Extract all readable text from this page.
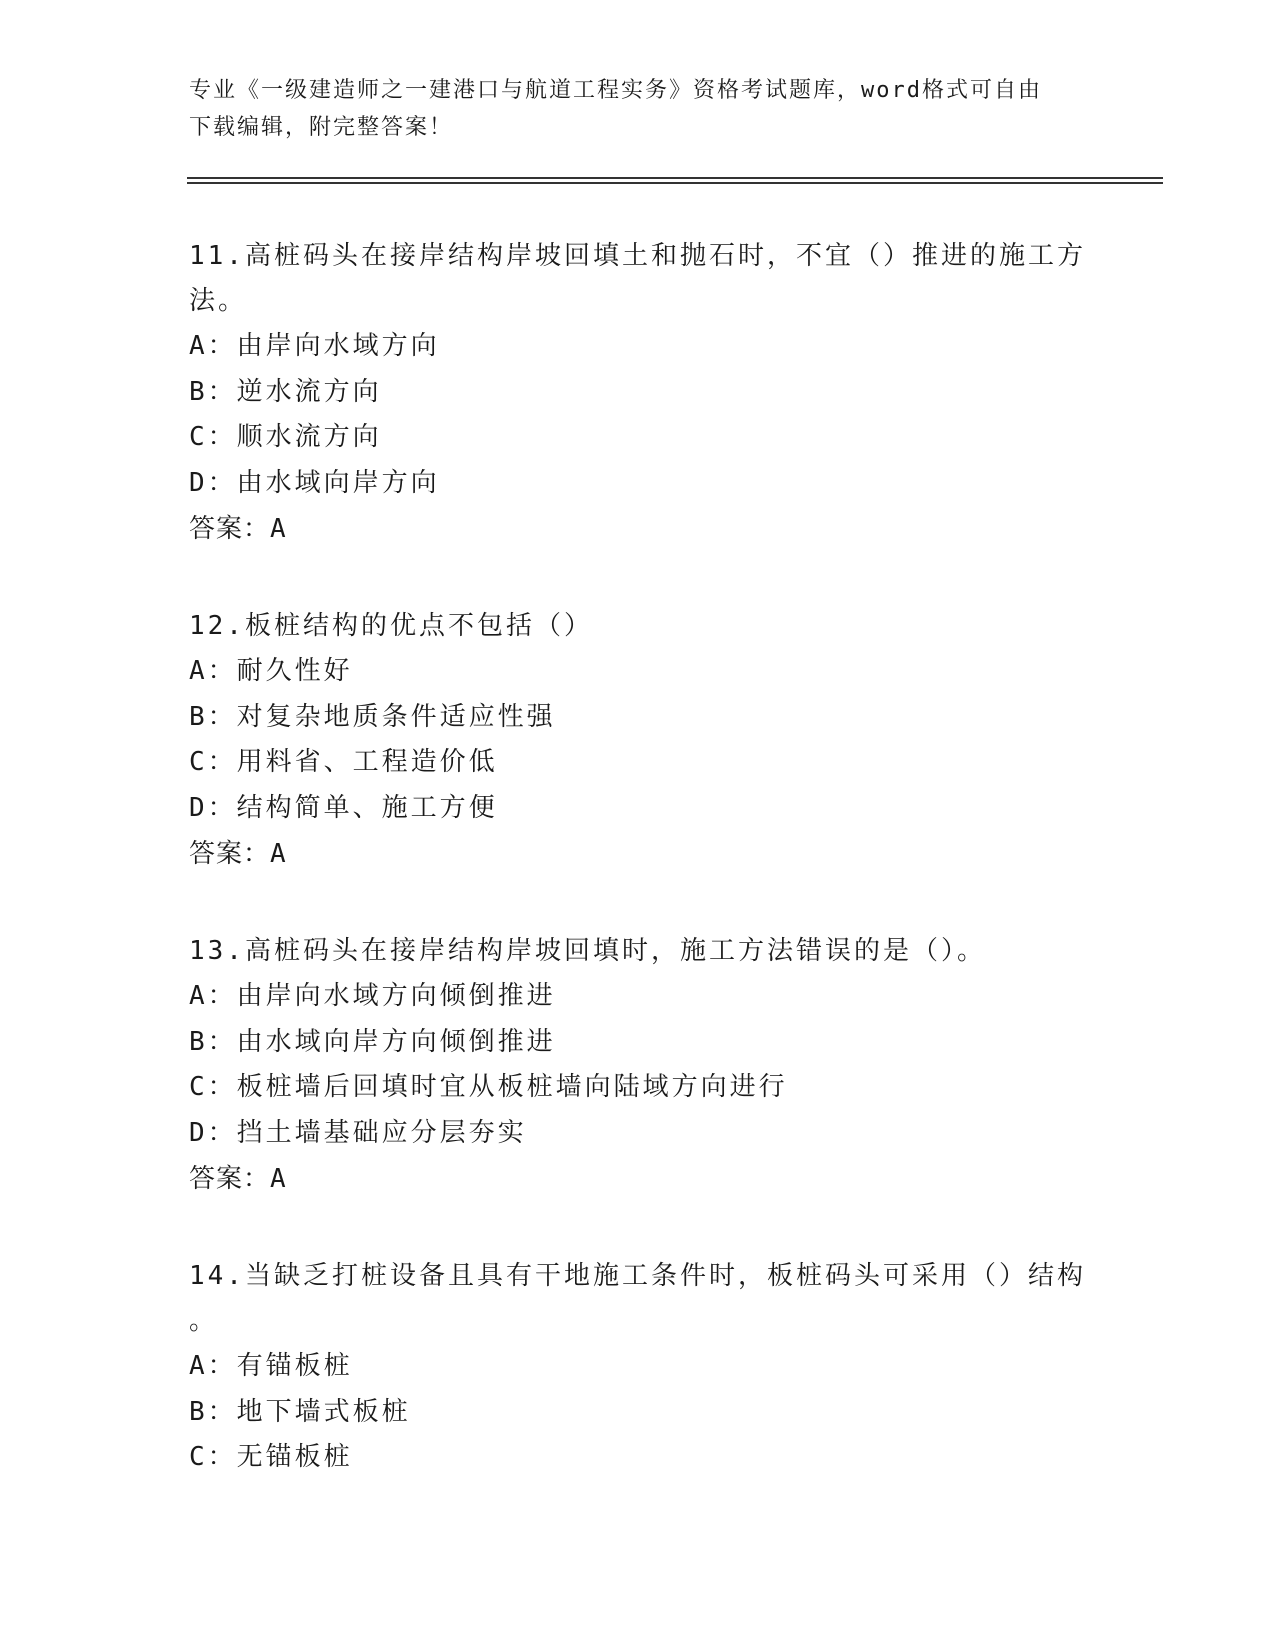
专业《一级建造师之一建港口与航道工程实务》资格考试题库，word格式可自由
下载编辑，附完整答案！

11.高桩码头在接岸结构岸坡回填土和抛石时，不宜（）推进的施工方

法。

A：由岸向水域方向

B：逆水流方向

C：顺水流方向

D：由水域向岸方向

答案：A

12.板桩结构的优点不包括（）

A：耐久性好

B：对复杂地质条件适应性强

C：用料省、工程造价低

D：结构简单、施工方便

答案：A

13.高桩码头在接岸结构岸坡回填时，施工方法错误的是（）。

A：由岸向水域方向倾倒推进

B：由水域向岸方向倾倒推进

C：板桩墙后回填时宜从板桩墙向陆域方向进行

D：挡土墙基础应分层夯实

答案：A

14.当缺乏打桩设备且具有干地施工条件时，板桩码头可采用（）结构

。

A：有锚板桩

B：地下墙式板桩

C：无锚板桩
